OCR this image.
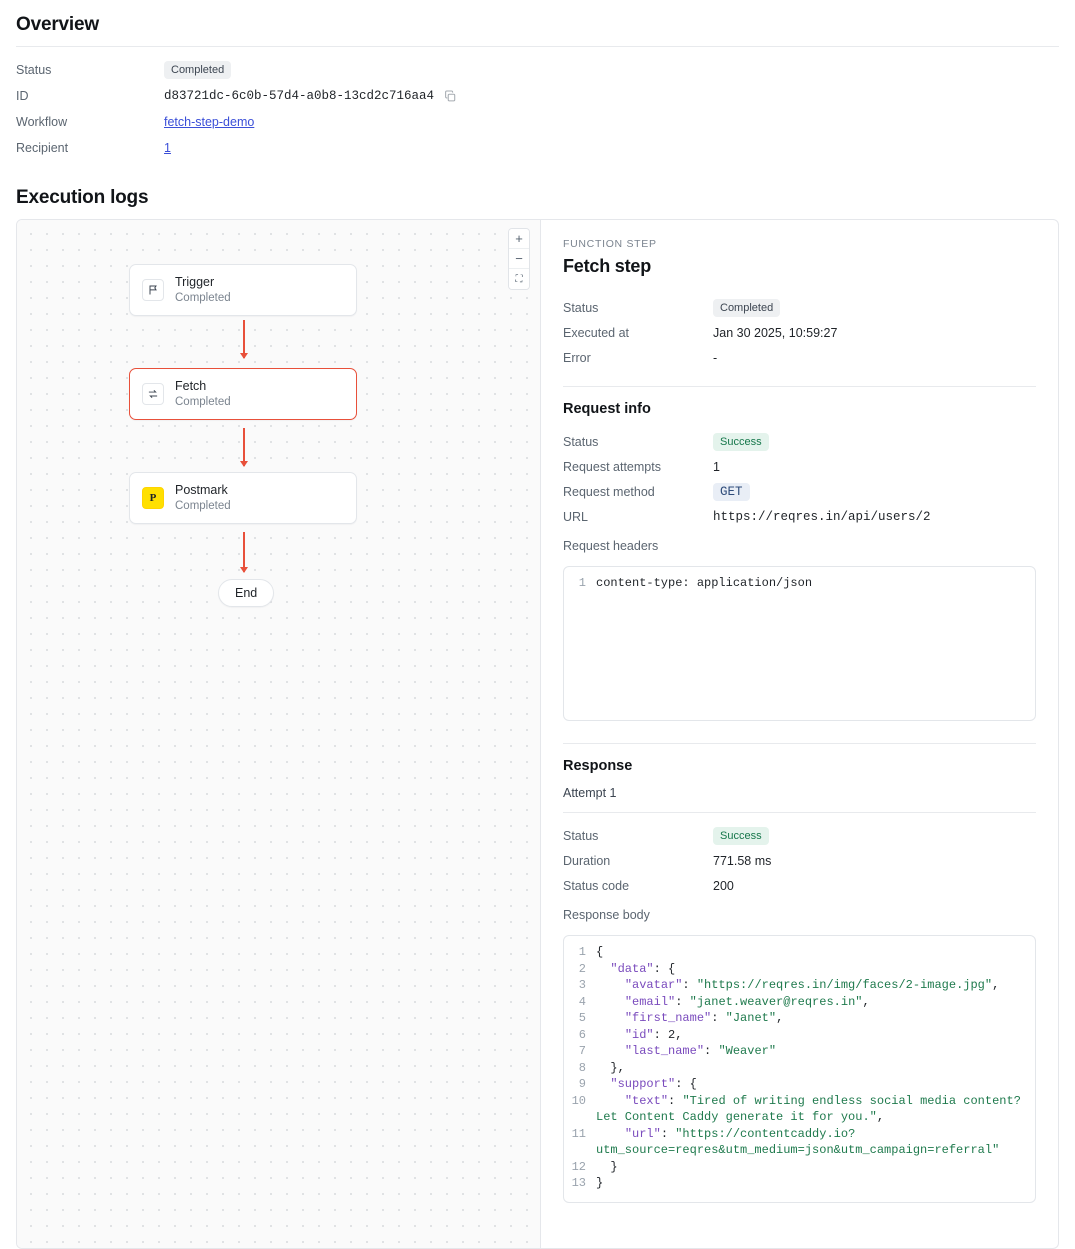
Overview
Status	Completed
ID	d83721dc-6c0b-57d4-a0b8-13cd2c716aa4
Workflow	fetch-step-demo
Recipient	1
Execution logs
+
−
⛶
Trigger
Completed
Fetch
Completed
P
Postmark
Completed
End
FUNCTION STEP
Fetch step
Status	Completed
Executed at	Jan 30 2025, 10:59:27
Error	-
Request info
Status	Success
Request attempts	1
Request method	GET
URL	https://reqres.in/api/users/2
Request headers
1 content-type: application/json
Response
Attempt 1
Status	Success
Duration	771.58 ms
Status code	200
Response body
1 {
2	"data": {
3	"avatar": "https://reqres.in/img/faces/2-image.jpg",
4	"email": "janet.weaver@reqres.in",
5	"first_name": "Janet",
6	"id": 2,
7	"last_name": "Weaver"
8 },
9	"support": {
10	"text": "Tired of writing endless social media content? Let Content Caddy generate it for you.",
11	"url": "https://contentcaddy.io?utm_source=reqres&utm_medium=json&utm_campaign=referral"
12 }
13 }
